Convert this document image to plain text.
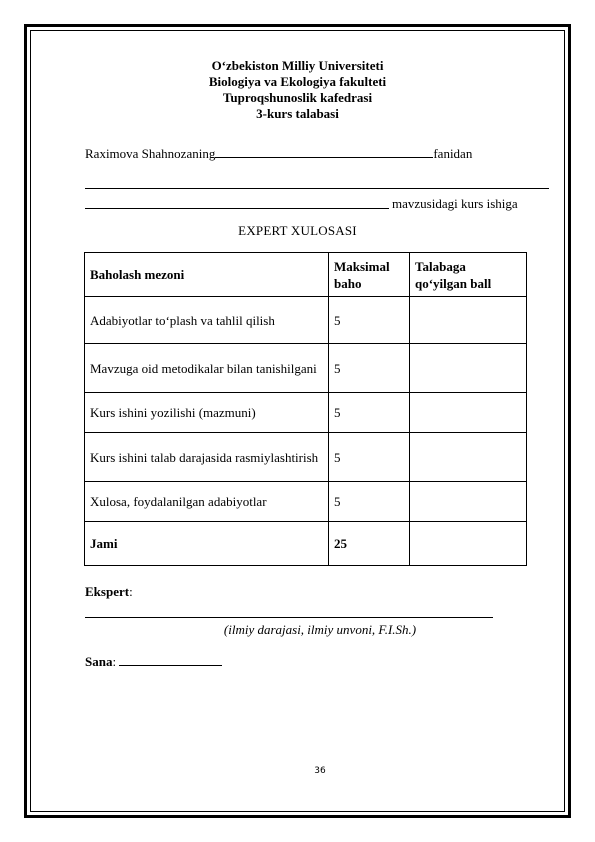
O‘zbekiston Milliy Universiteti
Biologiya va Ekologiya fakulteti
Tuproqshunoslik kafedrasi
3-kurs talabasi
Raximova Shahnozaning	fanidan
mavzusidagi kurs ishiga
EXPERT XULOSASI
Baholash mezoni	Maksimal baho	Talabaga qo‘yilgan ball
Adabiyotlar to‘plash va tahlil qilish	5	
Mavzuga oid metodikalar bilan tanishilgani	5	
Kurs ishini yozilishi (mazmuni)	5	
Kurs ishini talab darajasida rasmiylashtirish	5	
Xulosa, foydalanilgan adabiyotlar	5	
Jami	25	
Ekspert:
(ilmiy darajasi, ilmiy unvoni, F.I.Sh.)
Sana:
36
